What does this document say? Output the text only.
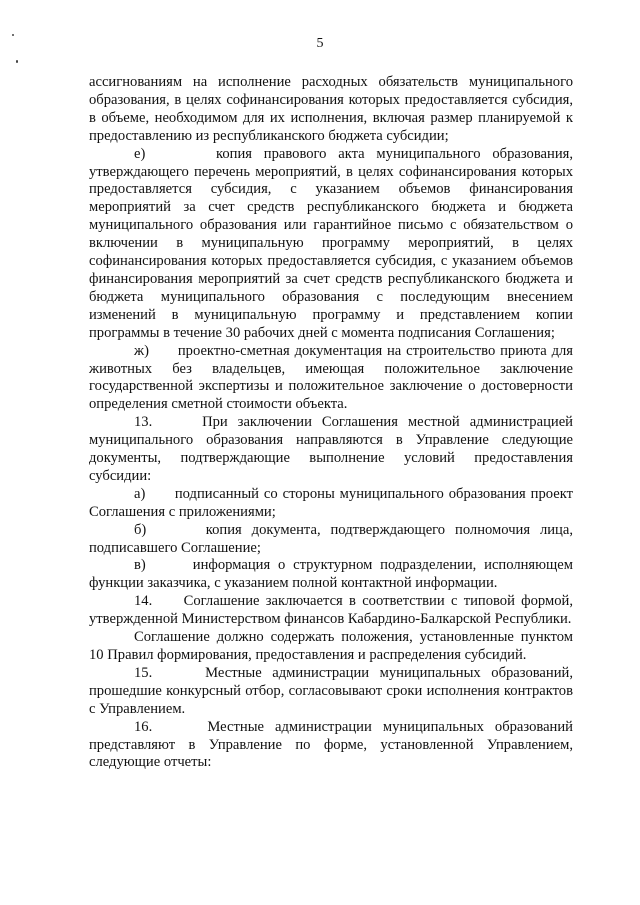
5

ассигнованиям на исполнение расходных обязательств муниципального образования, в целях софинансирования которых предоставляется субсидия, в объеме, необходимом для их исполнения, включая размер планируемой к предоставлению из республиканского бюджета субсидии;

е)      копия правового акта муниципального образования, утверждающего перечень мероприятий, в целях софинансирования которых предоставляется субсидия, с указанием объемов финансирования мероприятий за счет средств республиканского бюджета и бюджета муниципального образования или гарантийное письмо с обязательством о включении в муниципальную программу мероприятий, в целях софинансирования которых предоставляется субсидия, с указанием объемов финансирования мероприятий за счет средств республиканского бюджета и бюджета муниципального образования с последующим внесением изменений в муниципальную программу и представлением копии программы в течение 30 рабочих дней с момента подписания Соглашения;

ж)      проектно-сметная документация на строительство приюта для животных без владельцев, имеющая положительное заключение государственной экспертизы и положительное заключение о достоверности определения сметной стоимости объекта.

13.     При заключении Соглашения местной администрацией муниципального образования направляются в Управление следующие документы, подтверждающие выполнение условий предоставления субсидии:

а)      подписанный со стороны муниципального образования проект Соглашения с приложениями;

б)      копия документа, подтверждающего полномочия лица, подписавшего Соглашение;

в)      информация о структурном подразделении, исполняющем функции заказчика, с указанием полной контактной информации.

14.     Соглашение заключается в соответствии с типовой формой, утвержденной Министерством финансов Кабардино-Балкарской Республики.

Соглашение должно содержать положения, установленные пунктом 10 Правил формирования, предоставления и распределения субсидий.

15.     Местные администрации муниципальных образований, прошедшие конкурсный отбор, согласовывают сроки исполнения контрактов с Управлением.

16.     Местные администрации муниципальных образований представляют в Управление по форме, установленной Управлением, следующие отчеты:
